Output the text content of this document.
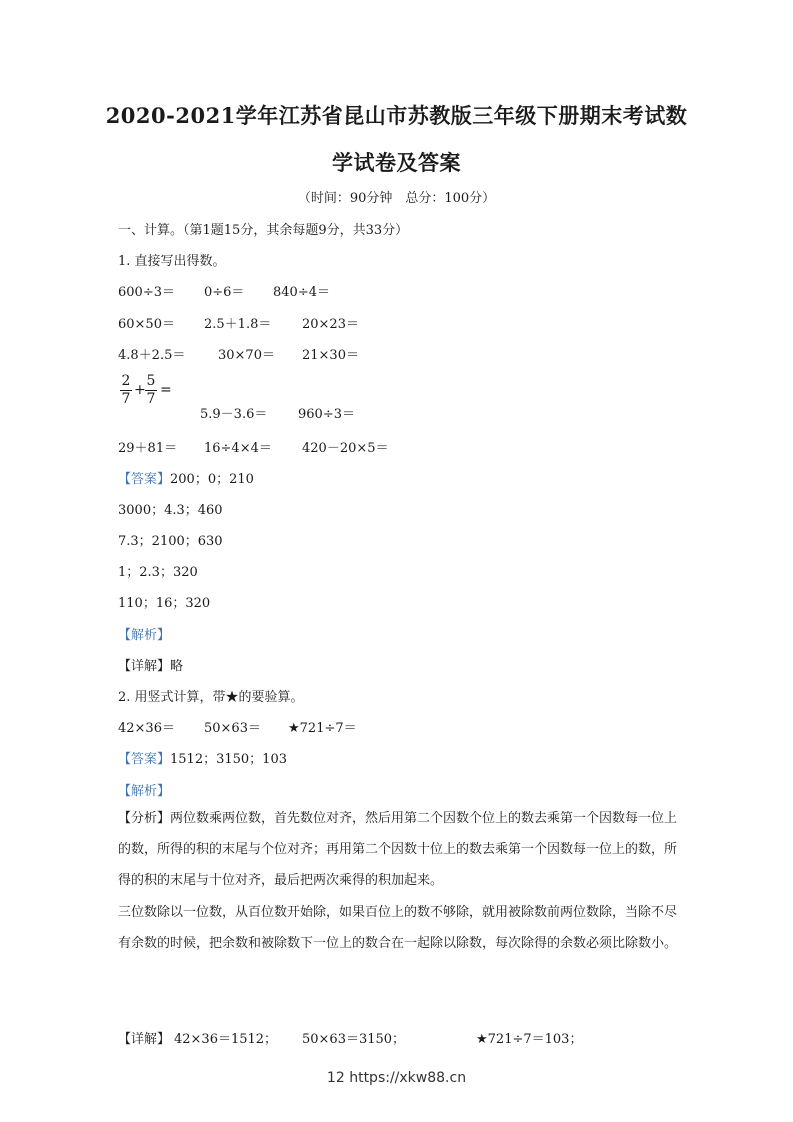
2020-2021学年江苏省昆山市苏教版三年级下册期末考试数
学试卷及答案
（时间：90分钟　总分：100分）
一、计算。（第1题15分，其余每题9分，共33分）
1. 直接写出得数。
600÷3＝ 0÷6＝ 840÷4＝
60×50＝ 2.5＋1.8＝ 20×23＝
4.8＋2.5＝	30×70＝ 21×30＝
2
7
+
5
7
=
5.9－3.6＝ 960÷3＝
29＋81＝ 16÷4×4＝ 420－20×5＝
【答案】200；0；210
3000；4.3；460
7.3；2100；630
1；2.3；320
110；16；320
【解析】
【详解】略
2. 用竖式计算，带★的要验算。
42×36＝ 50×63＝ ★721÷7＝
【答案】1512；3150；103
【解析】
【分析】两位数乘两位数，首先数位对齐，然后用第二个因数个位上的数去乘第一个因数每一位上的数，所得的积的末尾与个位对齐；再用第二个因数十位上的数去乘第一个因数每一位上的数，所得的积的末尾与十位对齐，最后把两次乘得的积加起来。
三位数除以一位数，从百位数开始除，如果百位上的数不够除，就用被除数前两位数除，当除不尽有余数的时候，把余数和被除数下一位上的数合在一起除以除数，每次除得的余数必须比除数小。
【详解】 42×36＝1512； 50×63＝3150；	★721÷7＝103；
12 https://xkw88.cn
